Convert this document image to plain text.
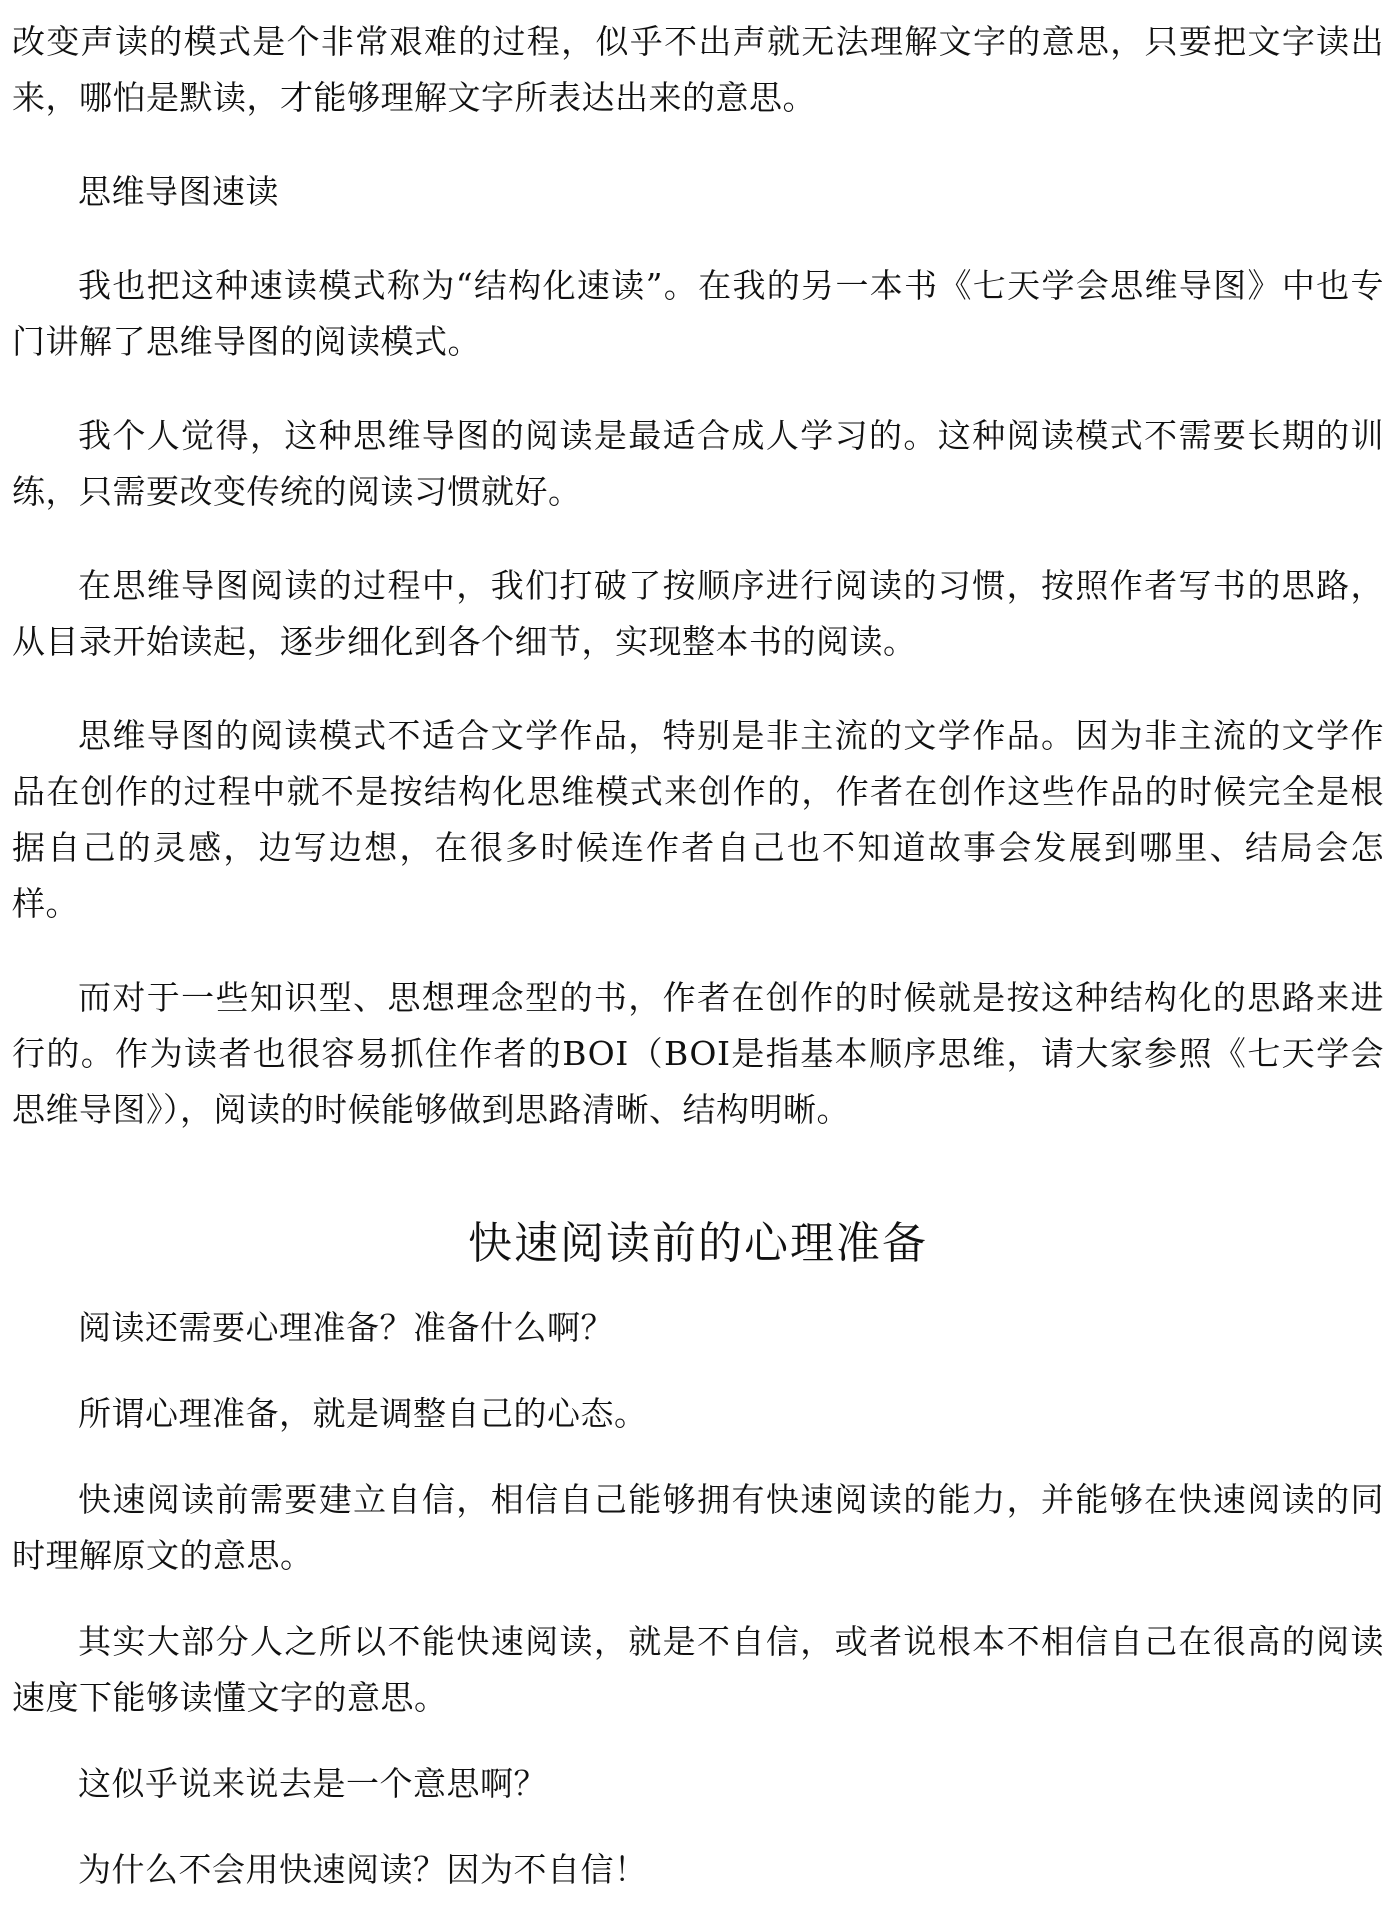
改变声读的模式是个非常艰难的过程，似乎不出声就无法理解文字的意思，只要把文字读出来，哪怕是默读，才能够理解文字所表达出来的意思。

思维导图速读

我也把这种速读模式称为“结构化速读”。在我的另一本书《七天学会思维导图》中也专门讲解了思维导图的阅读模式。

我个人觉得，这种思维导图的阅读是最适合成人学习的。这种阅读模式不需要长期的训练，只需要改变传统的阅读习惯就好。

在思维导图阅读的过程中，我们打破了按顺序进行阅读的习惯，按照作者写书的思路，从目录开始读起，逐步细化到各个细节，实现整本书的阅读。

思维导图的阅读模式不适合文学作品，特别是非主流的文学作品。因为非主流的文学作品在创作的过程中就不是按结构化思维模式来创作的，作者在创作这些作品的时候完全是根据自己的灵感，边写边想，在很多时候连作者自己也不知道故事会发展到哪里、结局会怎样。

而对于一些知识型、思想理念型的书，作者在创作的时候就是按这种结构化的思路来进行的。作为读者也很容易抓住作者的BOI（BOI是指基本顺序思维，请大家参照《七天学会思维导图》），阅读的时候能够做到思路清晰、结构明晰。

快速阅读前的心理准备

阅读还需要心理准备？准备什么啊？

所谓心理准备，就是调整自己的心态。

快速阅读前需要建立自信，相信自己能够拥有快速阅读的能力，并能够在快速阅读的同时理解原文的意思。

其实大部分人之所以不能快速阅读，就是不自信，或者说根本不相信自己在很高的阅读速度下能够读懂文字的意思。

这似乎说来说去是一个意思啊？

为什么不会用快速阅读？因为不自信！
